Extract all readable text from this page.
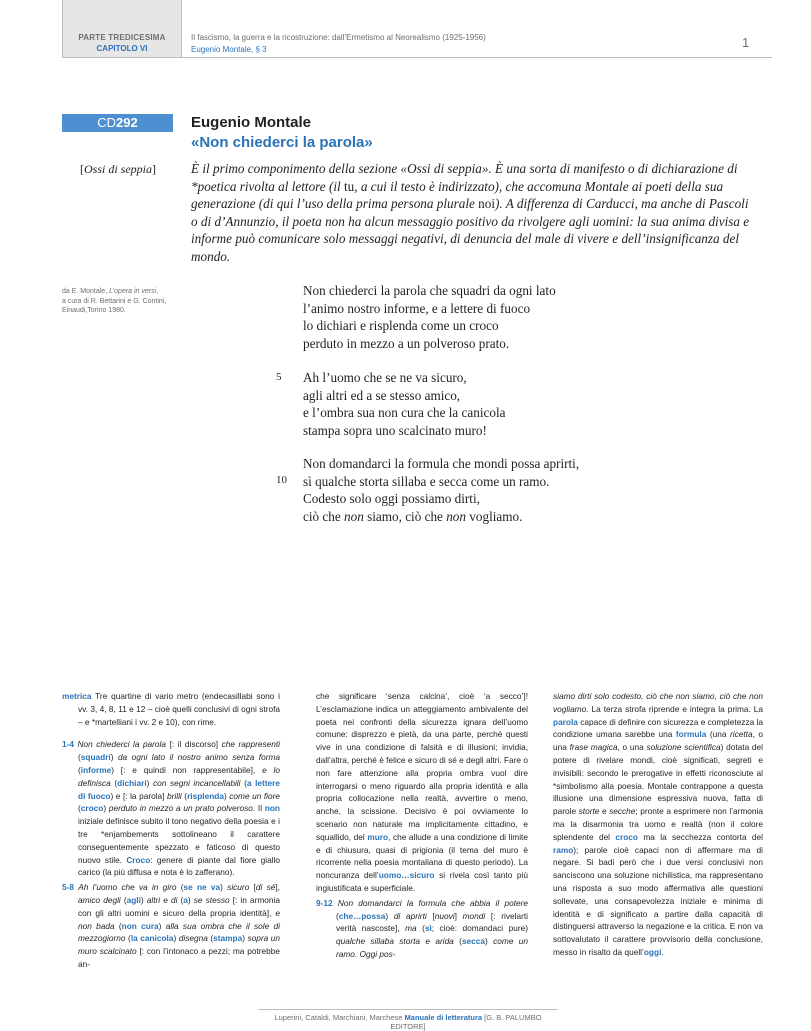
PARTE TREDICESIMA
CAPITOLO VI
Il fascismo, la guerra e la ricostruzione: dall’Ermetismo al Neorealismo (1925-1956)
Eugenio Montale, § 3	1
CD292	Eugenio Montale
«Non chiederci la parola»
[Ossi di seppia]	È il primo componimento della sezione «Ossi di seppia». È una sorta di manifesto o di dichiarazione di *poetica rivolta al lettore (il tu, a cui il testo è indirizzato), che accomuna Montale ai poeti della sua generazione (di qui l’uso della prima persona plurale noi). A differenza di Carducci, ma anche di Pascoli o di d’Annunzio, il poeta non ha alcun messaggio positivo da rivolgere agli uomini: la sua anima divisa e informe può comunicare solo messaggi negativi, di denuncia del male di vivere e dell’insignificanza del mondo.
da E. Montale, L’opera in versi,
a cura di R. Bettarini e G. Contini,
Einaudi,Torino 1980.
Non chiederci la parola che squadri da ogni lato
l’animo nostro informe, e a lettere di fuoco
lo dichiari e risplenda come un croco
perduto in mezzo a un polveroso prato.
5 Ah l’uomo che se ne va sicuro,
agli altri ed a se stesso amico,
e l’ombra sua non cura che la canicola
stampa sopra uno scalcinato muro!
Non domandarci la formula che mondi possa aprirti,
10 sì qualche storta sillaba e secca come un ramo.
Codesto solo oggi possiamo dirti,
ciò che non siamo, ciò che non vogliamo.
metrica Tre quartine di vario metro (endecasillabi sono i vv. 3, 4, 8, 11 e 12 – cioè quelli conclusivi di ogni strofa – e *martelliani i vv. 2 e 10), con rime.
1-4 Non chiederci la parola [: il discorso] che rappresenti (squadri) da ogni lato il nostro animo senza forma (informe) [: e quindi non rappresentabile], e lo definisca (dichiari) con segni incancellabili (a lettere di fuoco) e [: la parola] brilli (risplenda) come un fiore (croco) perduto in mezzo a un prato polveroso. Il non iniziale definisce subito il tono negativo della poesia e i tre *enjambements sottolineano il carattere conseguentemente spezzato e faticoso di questo nuovo stile. Croco: genere di piante dal fiore giallo carico (la più diffusa e nota è lo zafferano).
5-8 Ah l’uomo che va in giro (se ne va) sicuro [di sé], amico degli (agli) altri e di (a) se stesso [: in armonia con gli altri uomini e sicuro della propria identità], e non bada (non cura) alla sua ombra che il sole di mezzogiorno (la canicola) disegna (stampa) sopra un muro scalcinato [: con l’intonaco a pezzi; ma potrebbe an-
che significare ‘senza calcina’, cioè ‘a secco’]! L’esclamazione indica un atteggiamento ambivalente del poeta nei confronti della sicurezza ignara dell’uomo comune: disprezzo e pietà, da una parte, perché questi vive in una condizione di falsità e di illusioni; invidia, dall’altra, perché è felice e sicuro di sé e degli altri. Fare o non fare attenzione alla propria ombra vuol dire interrogarsi o meno riguardo alla propria identità e alla propria collocazione nella realtà, avvertire o meno, anche, la scissione. Decisivo è poi ovviamente lo scenario non naturale ma implicitamente cittadino, e squallido, del muro, che allude a una condizione di limite e di chiusura, quasi di prigionia (il tema del muro è ricorrente nella poesia montaliana di questo periodo). La noncuranza dell’uomo…sicuro si rivela così tanto più ingiustificata e superficiale.
9-12 Non domandarci la formula che abbia il potere (che…possa) di aprirti [nuovi] mondi [: rivelarti verità nascoste], ma (sì; cioè: domandaci pure) qualche sillaba storta e arida (secca) come un ramo. Oggi pos-
siamo dirti solo codesto, ciò che non siamo, ciò che non vogliamo. La terza strofa riprende e integra la prima. La parola capace di definire con sicurezza e completezza la condizione umana sarebbe una formula (una ricetta, o una frase magica, o una soluzione scientifica) dotata del potere di rivelare mondi, cioè significati, segreti e invisibili: secondo le prerogative in effetti riconosciute al *simbolismo alla poesia. Montale contrappone a questa illusione una dimensione espressiva nuova, fatta di parole storte e secche; pronte a esprimere non l’armonia ma la disarmonia tra uomo e realtà (non il colore splendente del croco ma la secchezza contorta del ramo); parole cioè capaci non di affermare ma di negare. Si badi però che i due versi conclusivi non sanciscono una soluzione nichilistica, ma rappresentano una risposta a suo modo affermativa alle questioni sollevate, una consapevolezza iniziale e minima di identità e di significato a partire dalla capacità di distinguersi attraverso la negazione e la critica. E non va sottovalutato il carattere provvisorio della conclusione, messo in risalto da quell’oggi.
Luperini, Cataldi, Marchiani, Marchese Manuale di letteratura [G. B. PALUMBO EDITORE]
